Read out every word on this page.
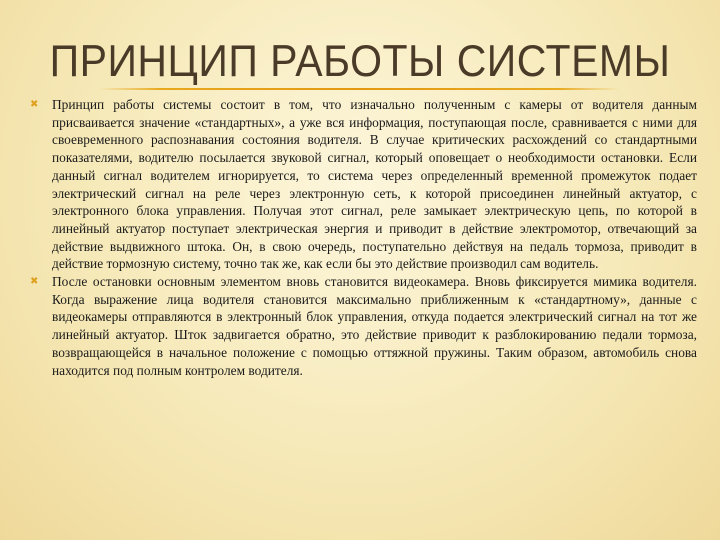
ПРИНЦИП РАБОТЫ СИСТЕМЫ
✖ Принцип работы системы состоит в том, что изначально полученным с камеры от водителя данным присваивается значение «стандартных», а уже вся информация, поступающая после, сравнивается с ними для своевременного распознавания состояния водителя. В случае критических расхождений со стандартными показателями, водителю посылается звуковой сигнал, который оповещает о необходимости остановки. Если данный сигнал водителем игнорируется, то система через определенный временной промежуток подает электрический сигнал на реле через электронную сеть, к которой присоединен линейный актуатор, с электронного блока управления. Получая этот сигнал, реле замыкает электрическую цепь, по которой в линейный актуатор поступает электрическая энергия и приводит в действие электромотор, отвечающий за действие выдвижного штока. Он, в свою очередь, поступательно действуя на педаль тормоза, приводит в действие тормозную систему, точно так же, как если бы это действие производил сам водитель.
✖ После остановки основным элементом вновь становится видеокамера. Вновь фиксируется мимика водителя. Когда выражение лица водителя становится максимально приближенным к «стандартному», данные с видеокамеры отправляются в электронный блок управления, откуда подается электрический сигнал на тот же линейный актуатор. Шток задвигается обратно, это действие приводит к разблокированию педали тормоза, возвращающейся в начальное положение с помощью оттяжной пружины. Таким образом, автомобиль снова находится под полным контролем водителя.
